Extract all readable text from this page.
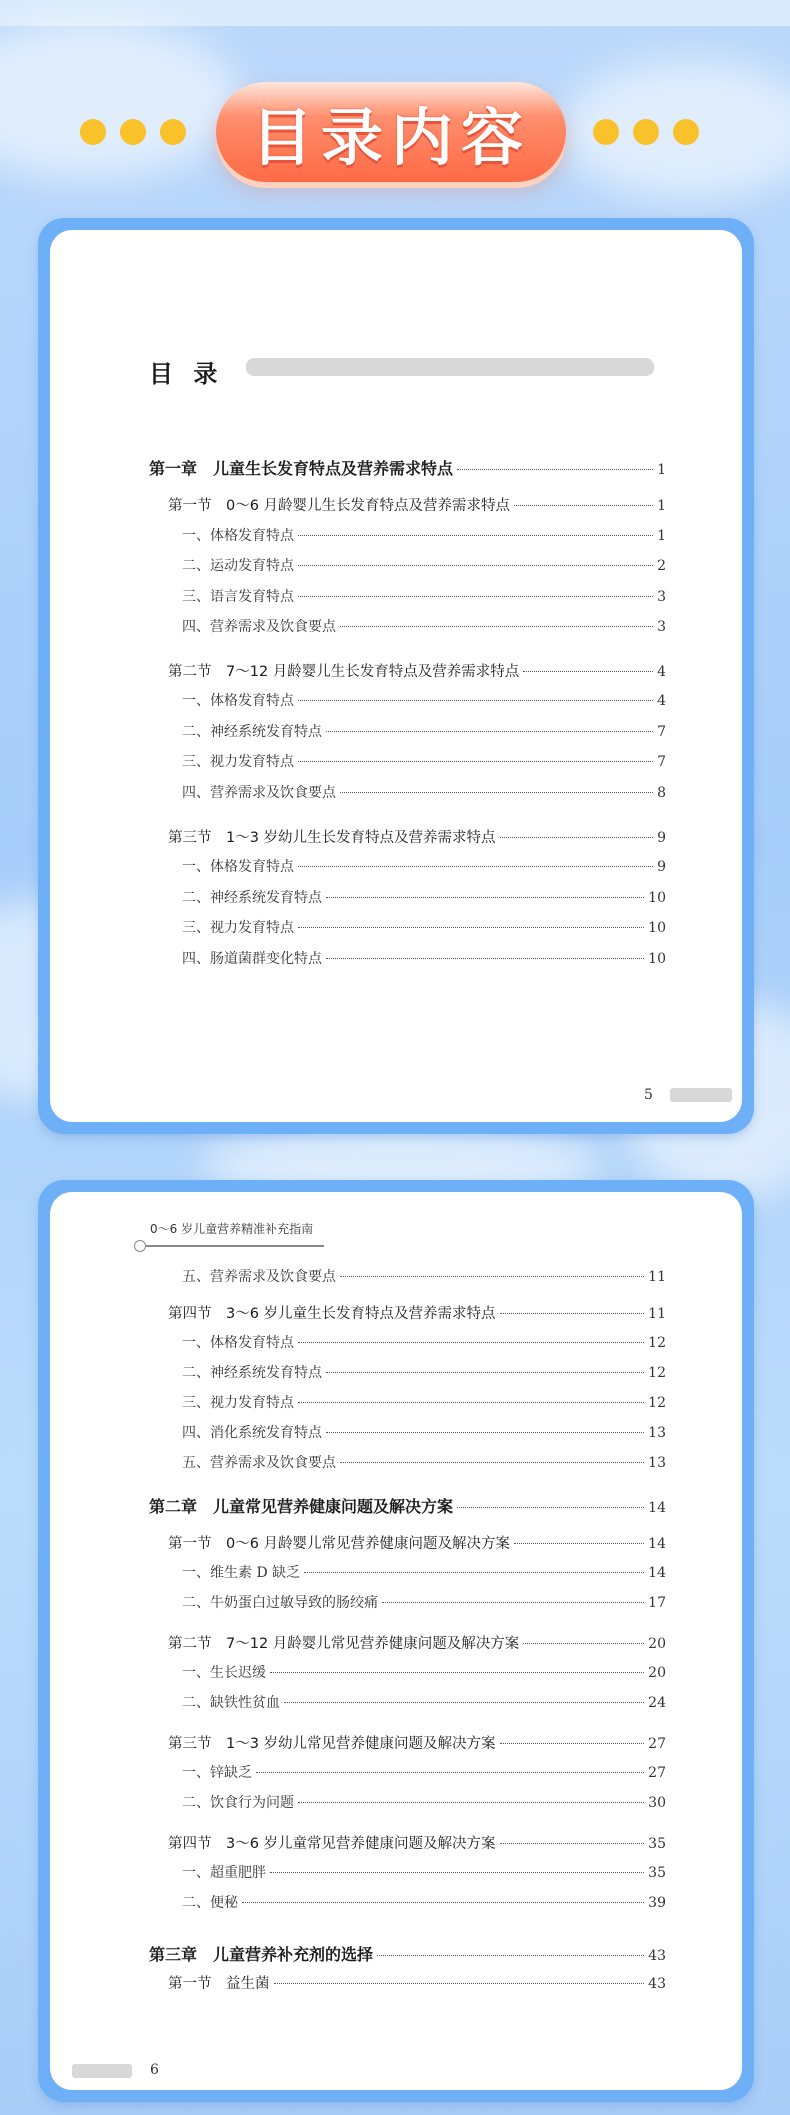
目录内容
目 录
5
第一章　儿童生长发育特点及营养需求特点	1
第一节　0～6 月龄婴儿生长发育特点及营养需求特点	1
一、体格发育特点	1
二、运动发育特点	2
三、语言发育特点	3
四、营养需求及饮食要点	3
第二节　7～12 月龄婴儿生长发育特点及营养需求特点	4
一、体格发育特点	4
二、神经系统发育特点	7
三、视力发育特点	7
四、营养需求及饮食要点	8
第三节　1～3 岁幼儿生长发育特点及营养需求特点	9
一、体格发育特点	9
二、神经系统发育特点	10
三、视力发育特点	10
四、肠道菌群变化特点	10
0～6 岁儿童营养精准补充指南
6
五、营养需求及饮食要点	11
第四节　3～6 岁儿童生长发育特点及营养需求特点	11
一、体格发育特点	12
二、神经系统发育特点	12
三、视力发育特点	12
四、消化系统发育特点	13
五、营养需求及饮食要点	13
第二章　儿童常见营养健康问题及解决方案	14
第一节　0～6 月龄婴儿常见营养健康问题及解决方案	14
一、维生素 D 缺乏	14
二、牛奶蛋白过敏导致的肠绞痛	17
第二节　7～12 月龄婴儿常见营养健康问题及解决方案	20
一、生长迟缓	20
二、缺铁性贫血	24
第三节　1～3 岁幼儿常见营养健康问题及解决方案	27
一、锌缺乏	27
二、饮食行为问题	30
第四节　3～6 岁儿童常见营养健康问题及解决方案	35
一、超重肥胖	35
二、便秘	39
第三章　儿童营养补充剂的选择	43
第一节　益生菌	43
